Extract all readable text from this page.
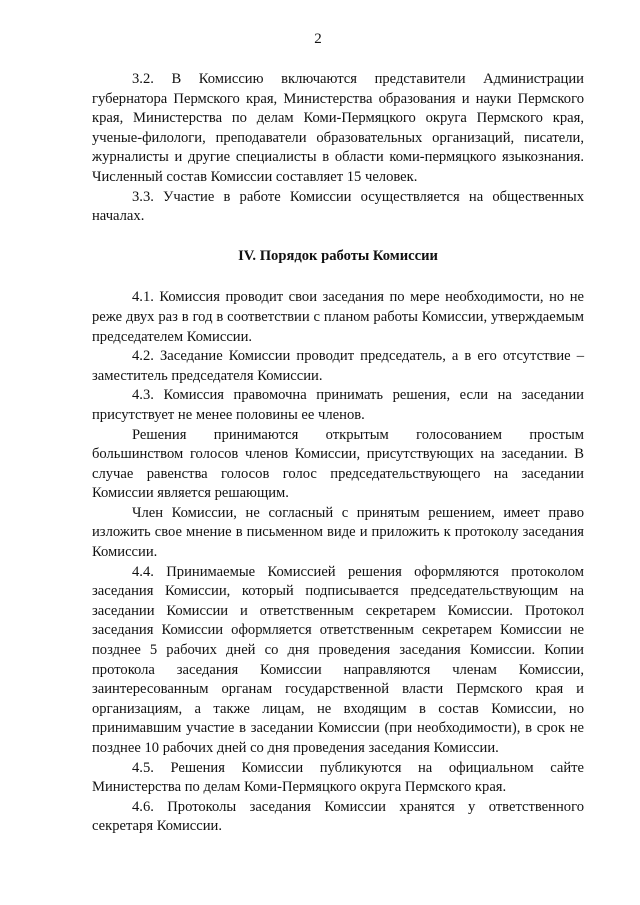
2

3.2. В Комиссию включаются представители Администрации губернатора Пермского края, Министерства образования и науки Пермского края, Министерства по делам Коми-Пермяцкого округа Пермского края, ученые-филологи, преподаватели образовательных организаций, писатели, журналисты и другие специалисты в области коми-пермяцкого языкознания. Численный состав Комиссии составляет 15 человек.

3.3. Участие в работе Комиссии осуществляется на общественных началах.

IV. Порядок работы Комиссии

4.1. Комиссия проводит свои заседания по мере необходимости, но не реже двух раз в год в соответствии с планом работы Комиссии, утверждаемым председателем Комиссии.

4.2. Заседание Комиссии проводит председатель, а в его отсутствие – заместитель председателя Комиссии.

4.3. Комиссия правомочна принимать решения, если на заседании присутствует не менее половины ее членов.

Решения принимаются открытым голосованием простым большинством голосов членов Комиссии, присутствующих на заседании. В случае равенства голосов голос председательствующего на заседании Комиссии является решающим.

Член Комиссии, не согласный с принятым решением, имеет право изложить свое мнение в письменном виде и приложить к протоколу заседания Комиссии.

4.4. Принимаемые Комиссией решения оформляются протоколом заседания Комиссии, который подписывается председательствующим на заседании Комиссии и ответственным секретарем Комиссии. Протокол заседания Комиссии оформляется ответственным секретарем Комиссии не позднее 5 рабочих дней со дня проведения заседания Комиссии. Копии протокола заседания Комиссии направляются членам Комиссии, заинтересованным органам государственной власти Пермского края и организациям, а также лицам, не входящим в состав Комиссии, но принимавшим участие в заседании Комиссии (при необходимости), в срок не позднее 10 рабочих дней со дня проведения заседания Комиссии.

4.5. Решения Комиссии публикуются на официальном сайте Министерства по делам Коми-Пермяцкого округа Пермского края.

4.6. Протоколы заседания Комиссии хранятся у ответственного секретаря Комиссии.
